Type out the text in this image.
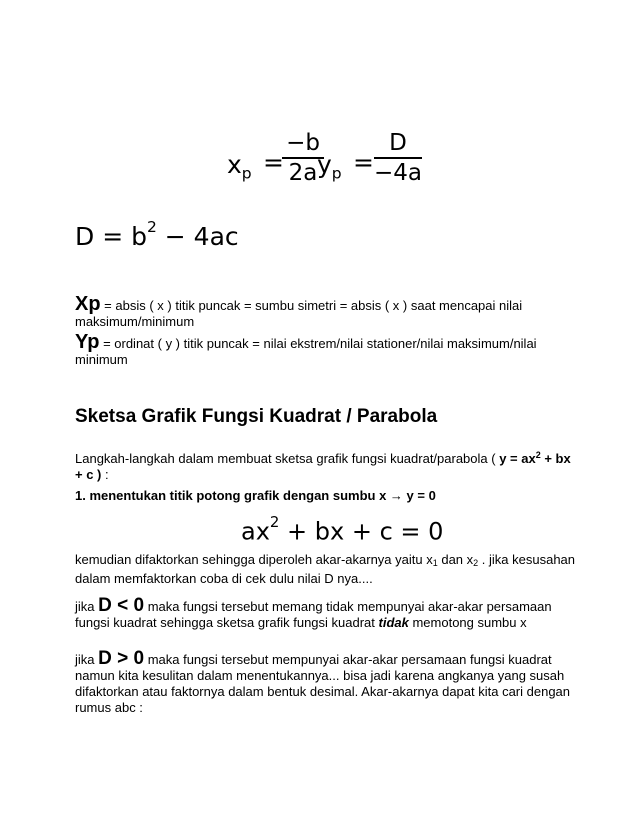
$x_p$ =
−b
2a $y_p$ =
D
−4a
$D = b^2 - 4ac$
Xp = absis ( x ) titik puncak = sumbu simetri = absis ( x ) saat mencapai nilai
maksimum/minimum
Yp = ordinat ( y ) titik puncak = nilai ekstrem/nilai stationer/nilai maksimum/nilai
minimum
Sketsa Grafik Fungsi Kuadrat / Parabola
Langkah-langkah dalam membuat sketsa grafik fungsi kuadrat/parabola ( $y = ax^2$ + bx
+ c ) :
1. menentukan titik potong grafik dengan sumbu x → y = 0
$ax^2$ + bx + c = 0
kemudian difaktorkan sehingga diperoleh akar-akarnya yaitu $x_1$ dan $x_2$ . jika kesusahan
dalam memfaktorkan coba di cek dulu nilai D nya....
jika D < 0 maka fungsi tersebut memang tidak mempunyai akar-akar persamaan
fungsi kuadrat sehingga sketsa grafik fungsi kuadrat tidak memotong sumbu x
jika D > 0 maka fungsi tersebut mempunyai akar-akar persamaan fungsi kuadrat
namun kita kesulitan dalam menentukannya... bisa jadi karena angkanya yang susah
difaktorkan atau faktornya dalam bentuk desimal. Akar-akarnya dapat kita cari dengan
rumus abc :
